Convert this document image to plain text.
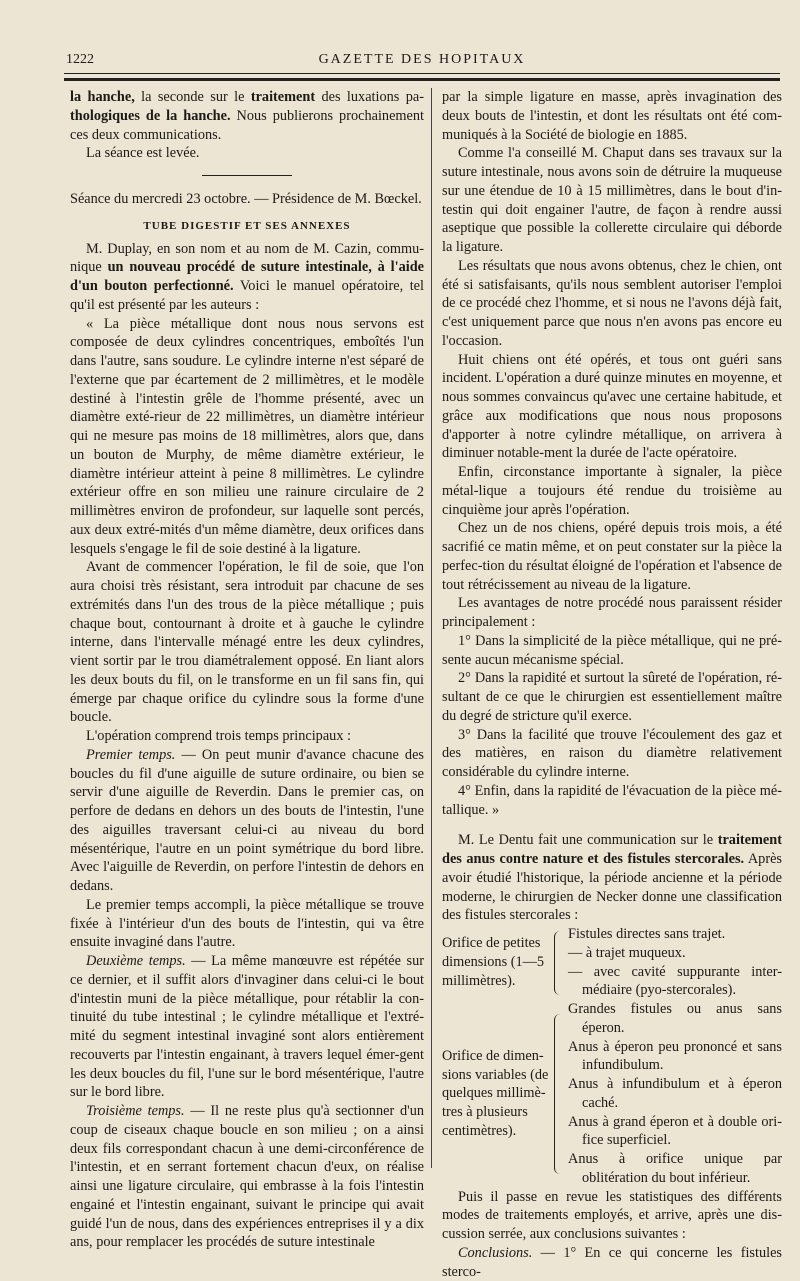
1222	GAZETTE DES HOPITAUX

la hanche, la seconde sur le traitement des luxations pa- thologiques de la hanche. Nous publierons prochainement ces deux communications.

La séance est levée.

Séance du mercredi 23 octobre. — Présidence de M. Bœckel.

TUBE DIGESTIF ET SES ANNEXES

M. Duplay, en son nom et au nom de M. Cazin, commu-nique un nouveau procédé de suture intestinale, à l'aide d'un bouton perfectionné. Voici le manuel opératoire, tel qu'il est présenté par les auteurs :

« La pièce métallique dont nous nous servons est composée de deux cylindres concentriques, emboîtés l'un dans l'autre, sans soudure. Le cylindre interne n'est séparé de l'externe que par écartement de 2 millimètres, et le modèle destiné à l'intestin grêle de l'homme présenté, avec un diamètre exté-rieur de 22 millimètres, un diamètre intérieur qui ne mesure pas moins de 18 millimètres, alors que, dans un bouton de Murphy, de même diamètre extérieur, le diamètre intérieur atteint à peine 8 millimètres. Le cylindre extérieur offre en son milieu une rainure circulaire de 2 millimètres environ de profondeur, sur laquelle sont percés, aux deux extré-mités d'un même diamètre, deux orifices dans lesquels s'engage le fil de soie destiné à la ligature.

Avant de commencer l'opération, le fil de soie, que l'on aura choisi très résistant, sera introduit par chacune de ses extrémités dans l'un des trous de la pièce métallique ; puis chaque bout, contournant à droite et à gauche le cylindre interne, dans l'intervalle ménagé entre les deux cylindres, vient sortir par le trou diamétralement opposé. En liant alors les deux bouts du fil, on le transforme en un fil sans fin, qui émerge par chaque orifice du cylindre sous la forme d'une boucle.

L'opération comprend trois temps principaux :

Premier temps. — On peut munir d'avance chacune des boucles du fil d'une aiguille de suture ordinaire, ou bien se servir d'une aiguille de Reverdin. Dans le premier cas, on perfore de dedans en dehors un des bouts de l'intestin, l'une des aiguilles traversant celui-ci au niveau du bord mésentérique, l'autre en un point symétrique du bord libre. Avec l'aiguille de Reverdin, on perfore l'intestin de dehors en dedans.

Le premier temps accompli, la pièce métallique se trouve fixée à l'intérieur d'un des bouts de l'intestin, qui va être ensuite invaginé dans l'autre.

Deuxième temps. — La même manœuvre est répétée sur ce dernier, et il suffit alors d'invaginer dans celui-ci le bout d'intestin muni de la pièce métallique, pour rétablir la con-tinuité du tube intestinal ; le cylindre métallique et l'extré-mité du segment intestinal invaginé sont alors entièrement recouverts par l'intestin engainant, à travers lequel émer-gent les deux boucles du fil, l'une sur le bord mésentérique, l'autre sur le bord libre.

Troisième temps. — Il ne reste plus qu'à sectionner d'un coup de ciseaux chaque boucle en son milieu ; on a ainsi deux fils correspondant chacun à une demi-circonférence de l'intestin, et en serrant fortement chacun d'eux, on réalise ainsi une ligature circulaire, qui embrasse à la fois l'intestin engainé et l'intestin engainant, suivant le principe qui avait guidé l'un de nous, dans des expériences entreprises il y a dix ans, pour remplacer les procédés de suture intestinale

par la simple ligature en masse, après invagination des deux bouts de l'intestin, et dont les résultats ont été com-muniqués à la Société de biologie en 1885.

Comme l'a conseillé M. Chaput dans ses travaux sur la suture intestinale, nous avons soin de détruire la muqueuse sur une étendue de 10 à 15 millimètres, dans le bout d'in-testin qui doit engainer l'autre, de façon à rendre aussi aseptique que possible la collerette circulaire qui déborde la ligature.

Les résultats que nous avons obtenus, chez le chien, ont été si satisfaisants, qu'ils nous semblent autoriser l'emploi de ce procédé chez l'homme, et si nous ne l'avons déjà fait, c'est uniquement parce que nous n'en avons pas encore eu l'occasion.

Huit chiens ont été opérés, et tous ont guéri sans incident. L'opération a duré quinze minutes en moyenne, et nous sommes convaincus qu'avec une certaine habitude, et grâce aux modifications que nous nous proposons d'apporter à notre cylindre métallique, on arrivera à diminuer notable-ment la durée de l'acte opératoire.

Enfin, circonstance importante à signaler, la pièce métal-lique a toujours été rendue du troisième au cinquième jour après l'opération.

Chez un de nos chiens, opéré depuis trois mois, a été sacrifié ce matin même, et on peut constater sur la pièce la perfec-tion du résultat éloigné de l'opération et l'absence de tout rétrécissement au niveau de la ligature.

Les avantages de notre procédé nous paraissent résider principalement :

1° Dans la simplicité de la pièce métallique, qui ne pré-sente aucun mécanisme spécial.

2° Dans la rapidité et surtout la sûreté de l'opération, ré-sultant de ce que le chirurgien est essentiellement maître du degré de stricture qu'il exerce.

3° Dans la facilité que trouve l'écoulement des gaz et des matières, en raison du diamètre relativement considérable du cylindre interne.

4° Enfin, dans la rapidité de l'évacuation de la pièce mé-tallique. »

M. Le Dentu fait une communication sur le traitement des anus contre nature et des fistules stercorales. Après avoir étudié l'historique, la période ancienne et la période moderne, le chirurgien de Necker donne une classification des fistules stercorales :

Orifice de petites dimensions (1—5 millimètres).		Fistules directes sans trajet.
— à trajet muqueux.
— avec cavité suppurante inter-médiaire (pyo-stercorales).

Orifice de dimen-sions variables (de quelques millimè-tres à plusieurs centimètres).		Grandes fistules ou anus sans éperon.
Anus à éperon peu prononcé et sans infundibulum.
Anus à infundibulum et à éperon caché.
Anus à grand éperon et à double ori-fice superficiel.
Anus à orifice unique par oblitération du bout inférieur.

Puis il passe en revue les statistiques des différents modes de traitements employés, et arrive, après une dis-cussion serrée, aux conclusions suivantes :

Conclusions. — 1° En ce qui concerne les fistules sterco-
